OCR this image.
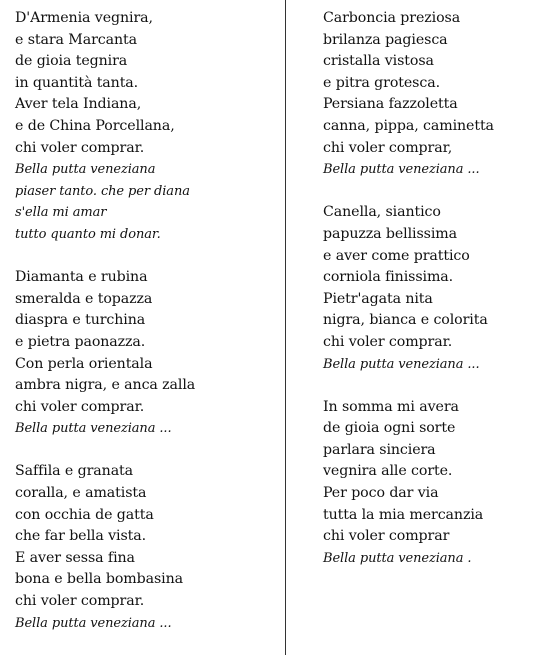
D'Armenia vegnira,
e stara Marcanta
de gioia tegnira
in quantità tanta.
Aver tela Indiana,
e de China Porcellana,
chi voler comprar.
Bella putta veneziana
piaser tanto. che per diana
s'ella mi amar
tutto quanto mi donar.
Diamanta e rubina
smeralda e topazza
diaspra e turchina
e pietra paonazza.
Con perla orientala
ambra nigra, e anca zalla
chi voler comprar.
Bella putta veneziana ...
Saffila e granata
coralla, e amatista
con occhia de gatta
che far bella vista.
E aver sessa fina
bona e bella bombasina
chi voler comprar.
Bella putta veneziana ...
Carboncia preziosa
brilanza pagiesca
cristalla vistosa
e pitra grotesca.
Persiana fazzoletta
canna, pippa, caminetta
chi voler comprar,
Bella putta veneziana ...
Canella, siantico
papuzza bellissima
e aver come prattico
corniola finissima.
Pietr'agata nita
nigra, bianca e colorita
chi voler comprar.
Bella putta veneziana ...
In somma mi avera
de gioia ogni sorte
parlara sinciera
vegnira alle corte.
Per poco dar via
tutta la mia mercanzia
chi voler comprar
Bella putta veneziana .
